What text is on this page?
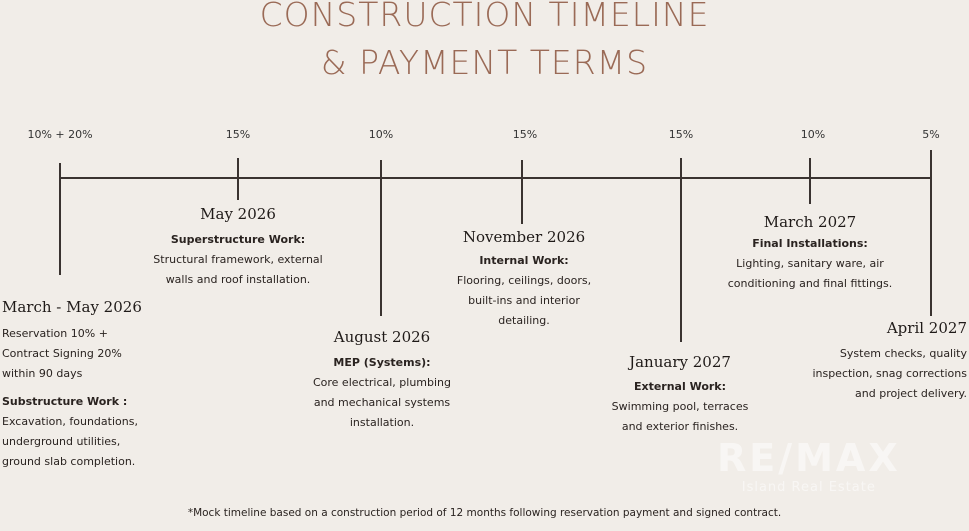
CONSTRUCTION TIMELINE
& PAYMENT TERMS
10% + 20%	15%	10%	15%	15%	10%	5%
March - May 2026
Reservation 10% +
Contract Signing 20%
within 90 days
Substructure Work :
Excavation, foundations,
underground utilities,
ground slab completion.
May 2026
Superstructure Work:
Structural framework, external
walls and roof installation.
August 2026
MEP (Systems):
Core electrical, plumbing
and mechanical systems
installation.
November 2026
Internal Work:
Flooring, ceilings, doors,
built-ins and interior
detailing.
January 2027
External Work:
Swimming pool, terraces
and exterior finishes.
March 2027
Final Installations:
Lighting, sanitary ware, air
conditioning and final fittings.
April 2027
System checks, quality
inspection, snag corrections
and project delivery.
RE/MAX
Island Real Estate
*Mock timeline based on a construction period of 12 months following reservation payment and signed contract.
